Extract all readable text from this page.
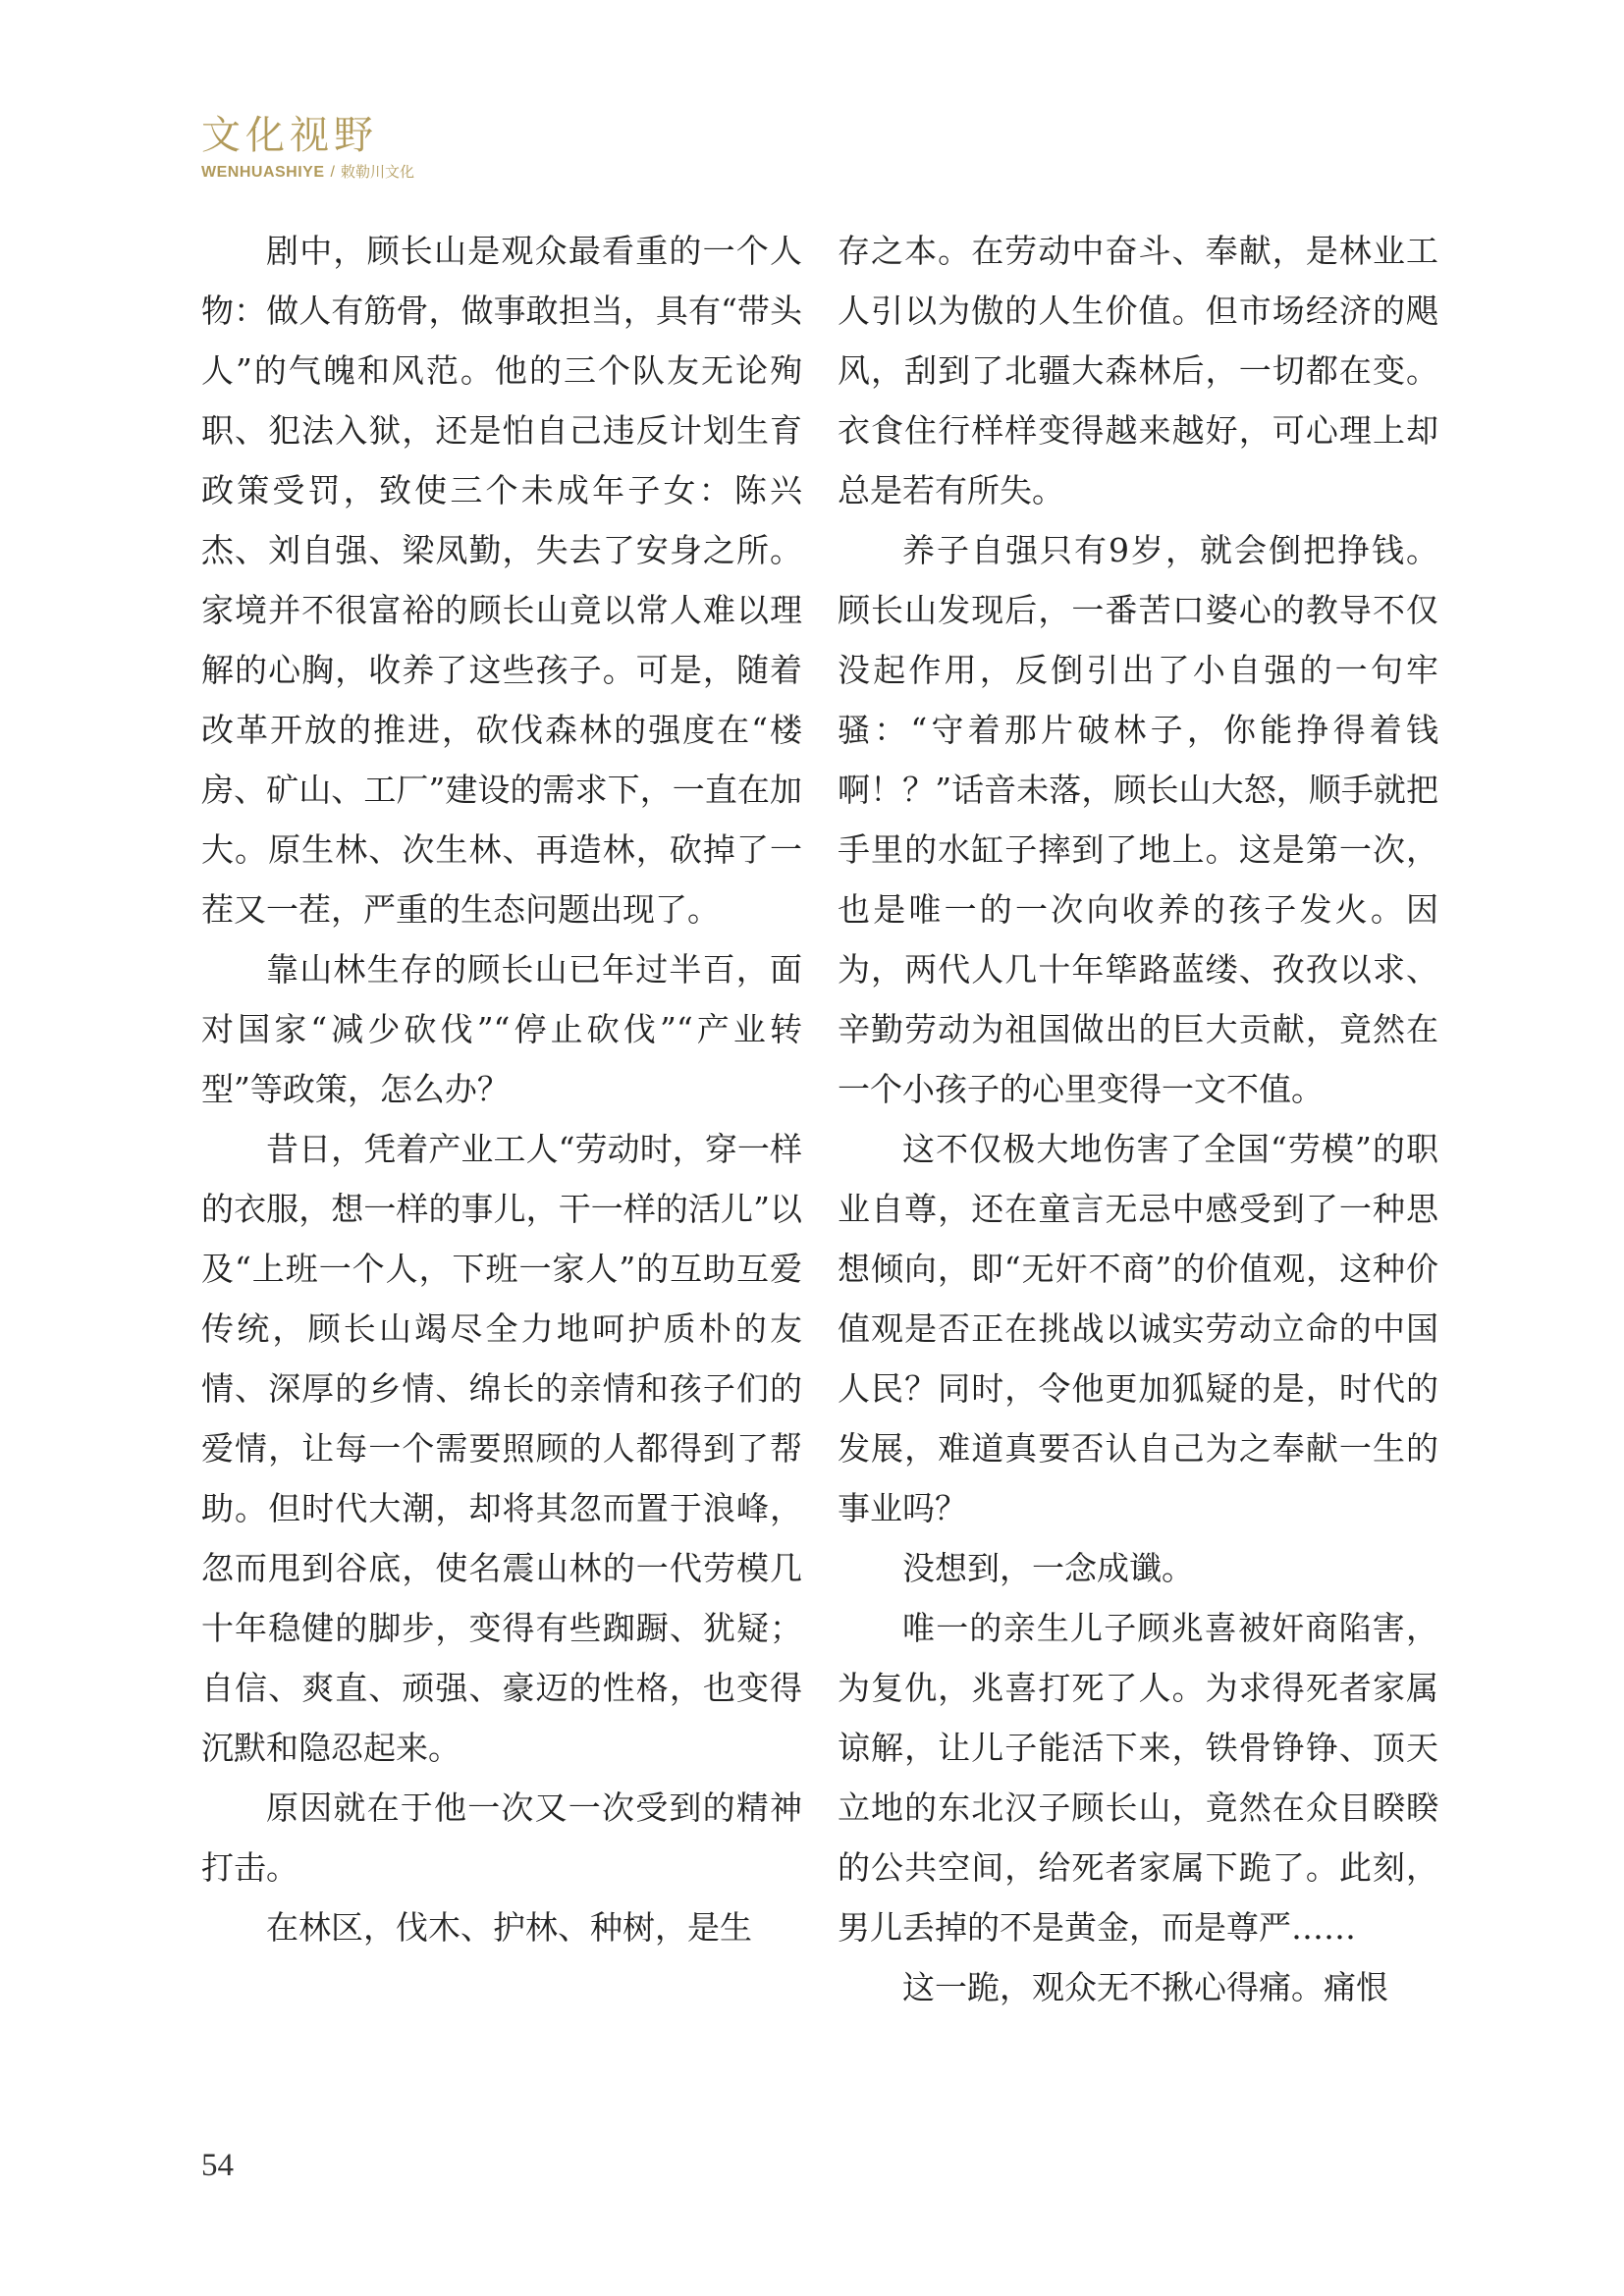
文化视野
WENHUASHIYE / 敕勒川文化

剧中，顾长山是观众最看重的一个人物：做人有筋骨，做事敢担当，具有“带头人”的气魄和风范。他的三个队友无论殉职、犯法入狱，还是怕自己违反计划生育政策受罚，致使三个未成年子女：陈兴杰、刘自强、梁凤勤，失去了安身之所。家境并不很富裕的顾长山竟以常人难以理解的心胸，收养了这些孩子。可是，随着改革开放的推进，砍伐森林的强度在“楼房、矿山、工厂”建设的需求下，一直在加大。原生林、次生林、再造林，砍掉了一茬又一茬，严重的生态问题出现了。

靠山林生存的顾长山已年过半百，面对国家“减少砍伐”“停止砍伐”“产业转型”等政策，怎么办？

昔日，凭着产业工人“劳动时，穿一样的衣服，想一样的事儿，干一样的活儿”以及“上班一个人，下班一家人”的互助互爱传统，顾长山竭尽全力地呵护质朴的友情、深厚的乡情、绵长的亲情和孩子们的爱情，让每一个需要照顾的人都得到了帮助。但时代大潮，却将其忽而置于浪峰，忽而甩到谷底，使名震山林的一代劳模几十年稳健的脚步，变得有些踟蹰、犹疑；自信、爽直、顽强、豪迈的性格，也变得沉默和隐忍起来。

原因就在于他一次又一次受到的精神打击。

在林区，伐木、护林、种树，是生

存之本。在劳动中奋斗、奉献，是林业工人引以为傲的人生价值。但市场经济的飓风，刮到了北疆大森林后，一切都在变。衣食住行样样变得越来越好，可心理上却总是若有所失。

养子自强只有9岁，就会倒把挣钱。顾长山发现后，一番苦口婆心的教导不仅没起作用，反倒引出了小自强的一句牢骚：“守着那片破林子，你能挣得着钱啊！？”话音未落，顾长山大怒，顺手就把手里的水缸子摔到了地上。这是第一次，也是唯一的一次向收养的孩子发火。因为，两代人几十年筚路蓝缕、孜孜以求、辛勤劳动为祖国做出的巨大贡献，竟然在一个小孩子的心里变得一文不值。

这不仅极大地伤害了全国“劳模”的职业自尊，还在童言无忌中感受到了一种思想倾向，即“无奸不商”的价值观，这种价值观是否正在挑战以诚实劳动立命的中国人民？同时，令他更加狐疑的是，时代的发展，难道真要否认自己为之奉献一生的事业吗？

没想到，一念成谶。

唯一的亲生儿子顾兆喜被奸商陷害，为复仇，兆喜打死了人。为求得死者家属谅解，让儿子能活下来，铁骨铮铮、顶天立地的东北汉子顾长山，竟然在众目睽睽的公共空间，给死者家属下跪了。此刻，男儿丢掉的不是黄金，而是尊严……

这一跪，观众无不揪心得痛。痛恨

54
